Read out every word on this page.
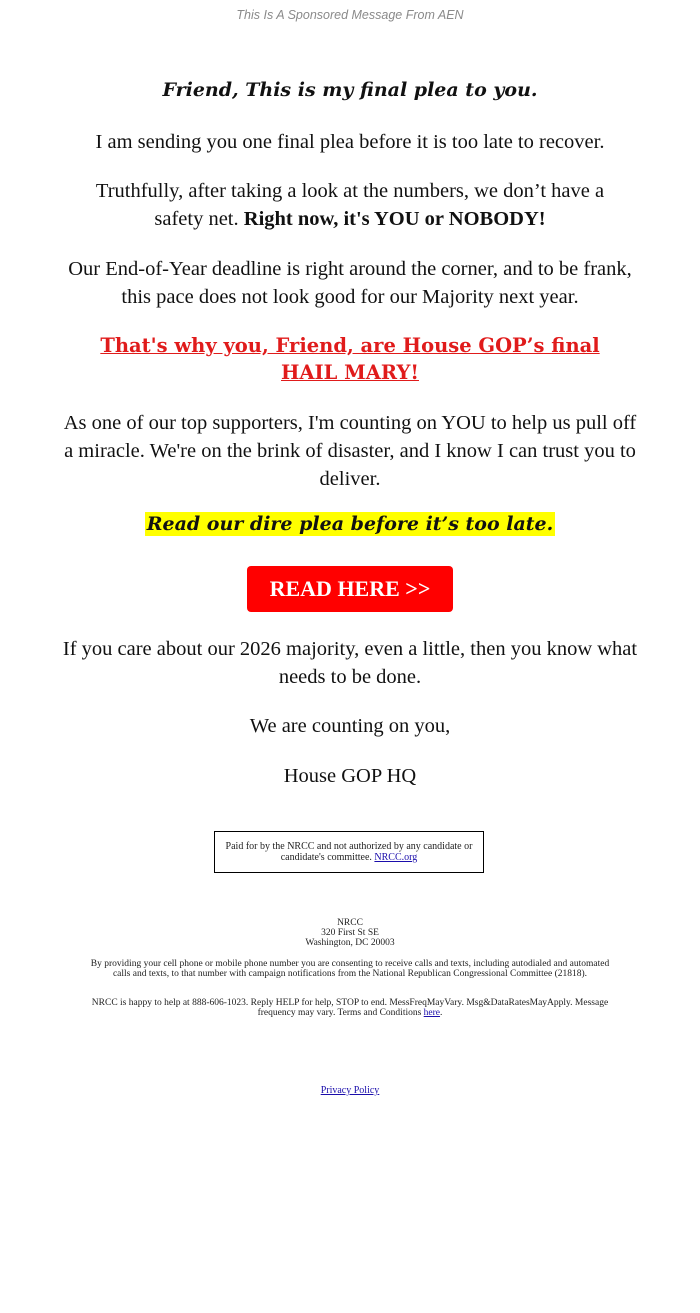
This Is A Sponsored Message From AEN
Friend, This is my final plea to you.

I am sending you one final plea before it is too late to recover.

Truthfully, after taking a look at the numbers, we don’t have a
safety net. Right now, it's YOU or NOBODY!

Our End-of-Year deadline is right around the corner, and to be frank, this pace does not look good for our Majority next year.

That's why you, Friend, are House GOP’s final HAIL MARY!

As one of our top supporters, I'm counting on YOU to help us pull off a miracle. We're on the brink of disaster, and I know I can trust you to deliver.

Read our dire plea before it’s too late.
READ HERE >>

If you care about our 2026 majority, even a little, then you know what needs to be done.

We are counting on you,

House GOP HQ

Paid for by the NRCC and not authorized by any candidate or candidate's committee. NRCC.org

NRCC
320 First St SE
Washington, DC 20003

By providing your cell phone or mobile phone number you are consenting to receive calls and texts, including autodialed and automated calls and texts, to that number with campaign notifications from the National Republican Congressional Committee (21818).

NRCC is happy to help at 888-606-1023. Reply HELP for help, STOP to end. MessFreqMayVary. Msg&DataRatesMayApply. Message frequency may vary. Terms and Conditions here.

Privacy Policy
